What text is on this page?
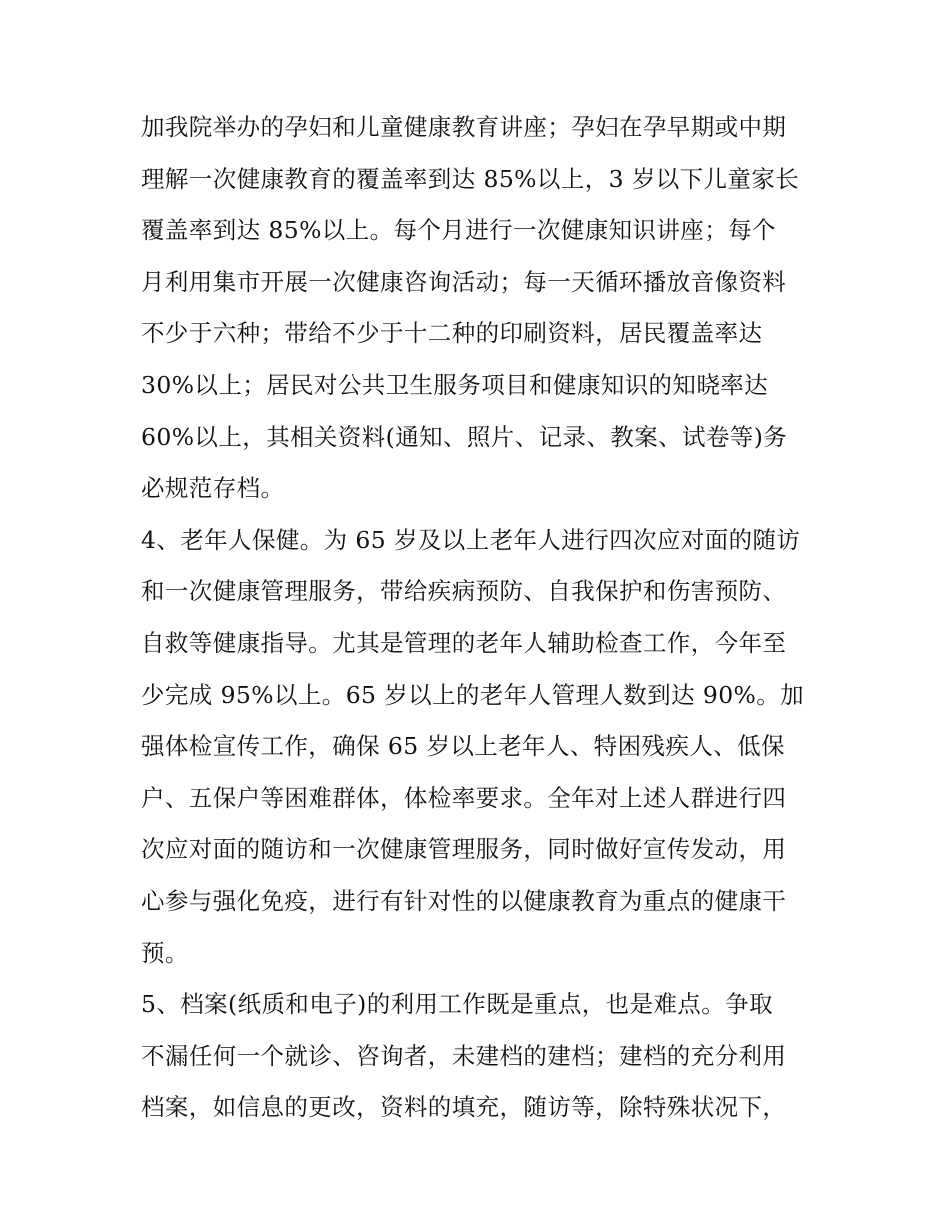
加我院举办的孕妇和儿童健康教育讲座；孕妇在孕早期或中期
理解一次健康教育的覆盖率到达 85%以上，3 岁以下儿童家长
覆盖率到达 85%以上。每个月进行一次健康知识讲座；每个
月利用集市开展一次健康咨询活动；每一天循环播放音像资料
不少于六种；带给不少于十二种的印刷资料，居民覆盖率达
30%以上；居民对公共卫生服务项目和健康知识的知晓率达
60%以上，其相关资料(通知、照片、记录、教案、试卷等)务
必规范存档。
4、老年人保健。为 65 岁及以上老年人进行四次应对面的随访
和一次健康管理服务，带给疾病预防、自我保护和伤害预防、
自救等健康指导。尤其是管理的老年人辅助检查工作，今年至
少完成 95%以上。65 岁以上的老年人管理人数到达 90%。加
强体检宣传工作，确保 65 岁以上老年人、特困残疾人、低保
户、五保户等困难群体，体检率要求。全年对上述人群进行四
次应对面的随访和一次健康管理服务，同时做好宣传发动，用
心参与强化免疫，进行有针对性的以健康教育为重点的健康干
预。
5、档案(纸质和电子)的利用工作既是重点，也是难点。争取
不漏任何一个就诊、咨询者，未建档的建档；建档的充分利用
档案，如信息的更改，资料的填充，随访等，除特殊状况下，
